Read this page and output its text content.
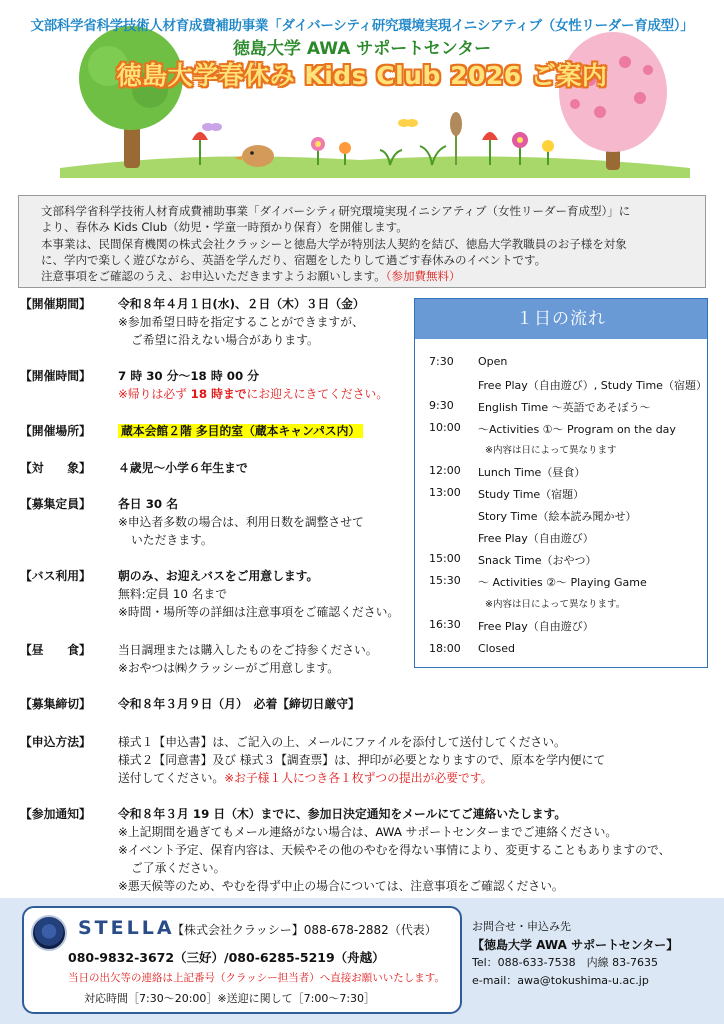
文部科学省科学技術人材育成費補助事業「ダイバーシティ研究環境実現イニシアティブ（女性リーダー育成型）」
徳島大学 AWA サポートセンター
徳島大学春休み Kids Club 2026 ご案内

文部科学省科学技術人材育成費補助事業「ダイバーシティ研究環境実現イニシアティブ（女性リーダー育成型）」に

より、春休み Kids Club（幼児・学童一時預かり保育）を開催します。

本事業は、民間保育機関の株式会社クラッシーと徳島大学が特別法人契約を結び、徳島大学教職員のお子様を対象

に、学内で楽しく遊びながら、英語を学んだり、宿題をしたりして過ごす春休みのイベントです。

注意事項をご確認のうえ、お申込いただきますようお願いします。（参加費無料）

【開催期間】	令和８年４月１日(水)、２日（木）３日（金）
※参加希望日時を指定することができますが、
ご希望に沿えない場合があります。
【開催時間】	7 時 30 分～18 時 00 分
※帰りは必ず 18 時までにお迎えにきてください。
【開催場所】	蔵本会館２階 多目的室（蔵本キャンパス内）
【対　　象】	４歳児～小学６年生まで
【募集定員】	各日 30 名
※申込者多数の場合は、利用日数を調整させて
いただきます。
【バス利用】	朝のみ、お迎えバスをご用意します。
無料:定員 10 名まで
※時間・場所等の詳細は注意事項をご確認ください。
【昼　　食】	当日調理または購入したものをご持参ください。
※おやつは㈱クラッシーがご用意します。
【募集締切】	令和８年３月９日（月）　必着【締切日厳守】
【申込方法】	様式１【申込書】は、ご記入の上、メールにファイルを添付して送付してください。
様式２【同意書】及び 様式３【調査票】は、押印が必要となりますので、原本を学内便にて
送付してください。※お子様１人につき各１枚ずつの提出が必要です。
【参加通知】	令和８年３月 19 日（木）までに、参加日決定通知をメールにてご連絡いたします。
※上記期間を過ぎてもメール連絡がない場合は、AWA サポートセンターまでご連絡ください。
※イベント予定、保育内容は、天候やその他のやむを得ない事情により、変更することもありますので、
ご了承ください。
※悪天候等のため、やむを得ず中止の場合については、注意事項をご確認ください。
１日の流れ
7:30	Open
Free Play（自由遊び）, Study Time（宿題）
9:30	English Time ～英語であそぼう～
10:00	～Activities ①～ Program on the day
※内容は日によって異なります
12:00	Lunch Time（昼食）
13:00	Study Time（宿題）
Story Time（絵本読み聞かせ）
Free Play（自由遊び）
15:00	Snack Time（おやつ）
15:30	～ Activities ②～ Playing Game
※内容は日によって異なります。
16:30	Free Play（自由遊び）
18:00	Closed
STELLA
【株式会社クラッシー】088-678-2882（代表）
080-9832-3672（三好）/080-6285-5219（舟越）
当日の出欠等の連絡は上記番号（クラッシー担当者）へ直接お願いいたします。
対応時間［7:30～20:00］※送迎に関して［7:00～7:30］
お問合せ・申込み先
【徳島大学 AWA サポートセンター】
Tel：088-633-7538　内線 83-7635
e-mail：awa@tokushima-u.ac.jp
